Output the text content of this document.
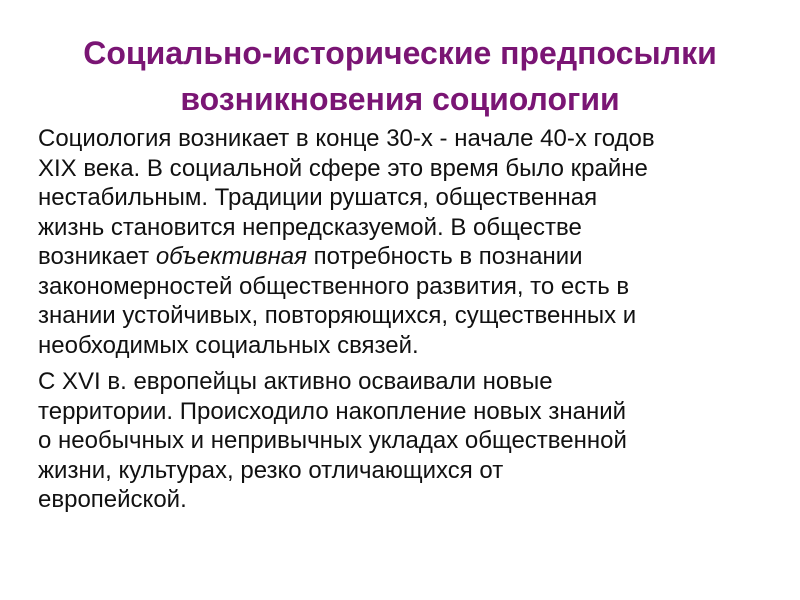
Социально-исторические предпосылки
возникновения социологии

Социология возникает в конце 30-х - начале 40-х годов
XIX века. В социальной сфере это время было крайне
нестабильным. Традиции рушатся, общественная
жизнь становится непредсказуемой. В обществе
возникает объективная потребность в познании
закономерностей общественного развития, то есть в
знании устойчивых, повторяющихся, существенных и
необходимых социальных связей.

С XVI в. европейцы активно осваивали новые
территории. Происходило накопление новых знаний
о необычных и непривычных укладах общественной
жизни, культурах, резко отличающихся от
европейской.
